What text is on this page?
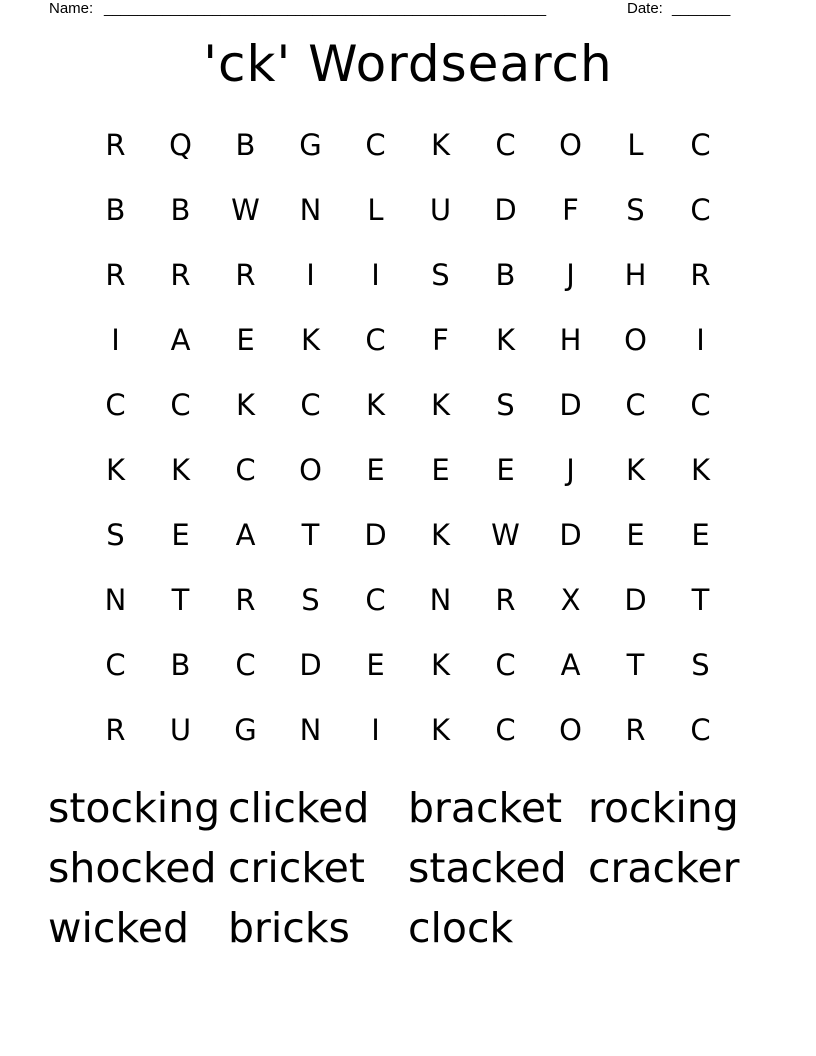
Name: _____________________________________________________	Date: _______
'ck' Wordsearch
R	Q	B	G	C	K	C	O	L	C
B	B	W	N	L	U	D	F	S	C
R	R	R	I	I	S	B	J	H	R
I	A	E	K	C	F	K	H	O	I
C	C	K	C	K	K	S	D	C	C
K	K	C	O	E	E	E	J	K	K
S	E	A	T	D	K	W	D	E	E
N	T	R	S	C	N	R	X	D	T
C	B	C	D	E	K	C	A	T	S
R	U	G	N	I	K	C	O	R	C
stocking clicked bracket rocking
shocked cricket	stacked cracker
wicked bricks	clock
